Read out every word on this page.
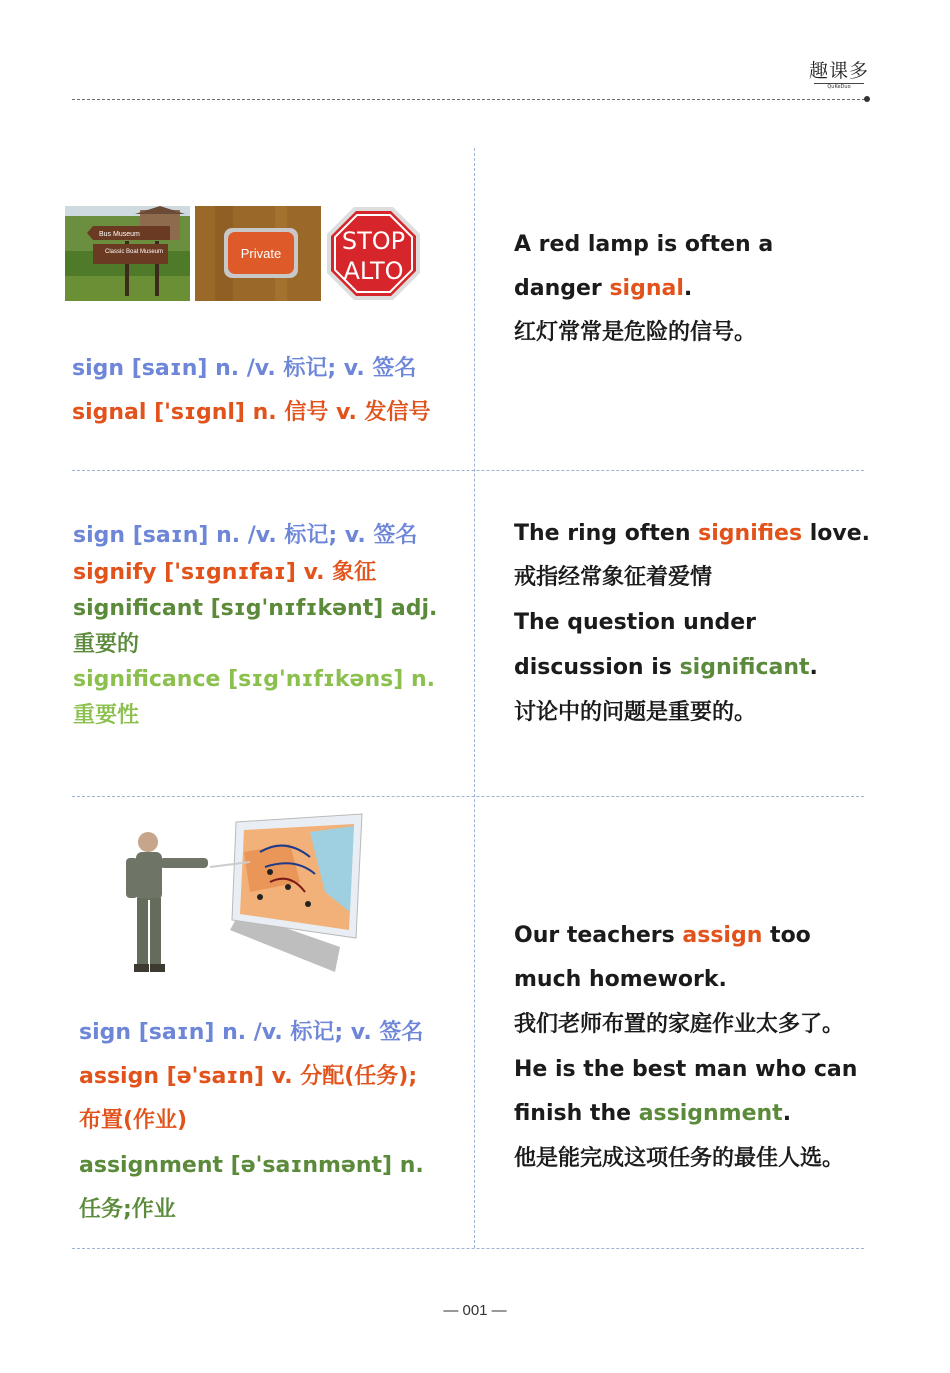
趣课多
QuKeDuo
Bus Museum
Classic Boat Museum	Private	STOP
ALTO
sign [saɪn] n. /v. 标记; v. 签名
signal ['sɪgnl] n. 信号 v. 发信号
A red lamp is often a
danger signal.
红灯常常是危险的信号。
sign [saɪn] n. /v. 标记; v. 签名
signify ['sɪgnɪfaɪ] v. 象征
significant [sɪg'nɪfɪkənt] adj.
重要的
significance [sɪg'nɪfɪkəns] n.
重要性
The ring often signifies love.
戒指经常象征着爱情
The question under
discussion is significant.
讨论中的问题是重要的。
sign [saɪn] n. /v. 标记; v. 签名
assign [ə'saɪn] v. 分配(任务);
布置(作业)
assignment [ə'saɪnmənt] n.
任务;作业
Our teachers assign too
much homework.
我们老师布置的家庭作业太多了。
He is the best man who can
finish the assignment.
他是能完成这项任务的最佳人选。
— 001 —
